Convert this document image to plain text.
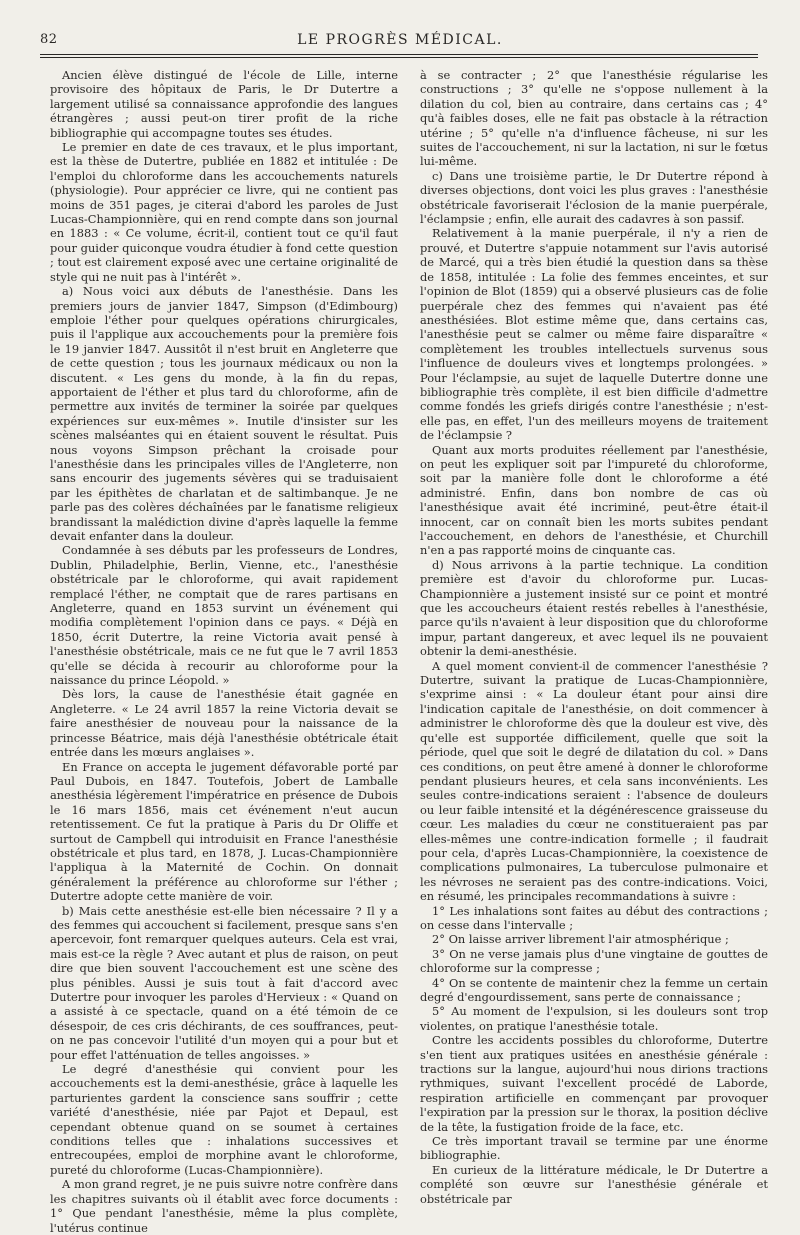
82	LE PROGRÈS MÉDICAL.

Ancien élève distingué de l'école de Lille, interne provisoire des hôpitaux de Paris, le Dr Dutertre a largement utilisé sa connaissance approfondie des langues étrangères ; aussi peut-on tirer profit de la riche bibliographie qui accompagne toutes ses études.

Le premier en date de ces travaux, et le plus important, est la thèse de Dutertre, publiée en 1882 et intitulée : De l'emploi du chloroforme dans les accouchements naturels (physiologie). Pour apprécier ce livre, qui ne contient pas moins de 351 pages, je citerai d'abord les paroles de Just Lucas-Championnière, qui en rend compte dans son journal en 1883 : « Ce volume, écrit-il, contient tout ce qu'il faut pour guider quiconque voudra étudier à fond cette question ; tout est clairement exposé avec une certaine originalité de style qui ne nuit pas à l'intérêt ».

a) Nous voici aux débuts de l'anesthésie. Dans les premiers jours de janvier 1847, Simpson (d'Edimbourg) emploie l'éther pour quelques opérations chirurgicales, puis il l'applique aux accouchements pour la première fois le 19 janvier 1847. Aussitôt il n'est bruit en Angleterre que de cette question ; tous les journaux médicaux ou non la discutent. « Les gens du monde, à la fin du repas, apportaient de l'éther et plus tard du chloroforme, afin de permettre aux invités de terminer la soirée par quelques expériences sur eux-mêmes ». Inutile d'insister sur les scènes malséantes qui en étaient souvent le résultat. Puis nous voyons Simpson prêchant la croisade pour l'anesthésie dans les principales villes de l'Angleterre, non sans encourir des jugements sévères qui se traduisaient par les épithètes de charlatan et de saltimbanque. Je ne parle pas des colères déchaînées par le fanatisme religieux brandissant la malédiction divine d'après laquelle la femme devait enfanter dans la douleur.

Condamnée à ses débuts par les professeurs de Londres, Dublin, Philadelphie, Berlin, Vienne, etc., l'anesthésie obstétricale par le chloroforme, qui avait rapidement remplacé l'éther, ne comptait que de rares partisans en Angleterre, quand en 1853 survint un événement qui modifia complètement l'opinion dans ce pays. « Déjà en 1850, écrit Dutertre, la reine Victoria avait pensé à l'anesthésie obstétricale, mais ce ne fut que le 7 avril 1853 qu'elle se décida à recourir au chloroforme pour la naissance du prince Léopold. »

Dès lors, la cause de l'anesthésie était gagnée en Angleterre. « Le 24 avril 1857 la reine Victoria devait se faire anesthésier de nouveau pour la naissance de la princesse Béatrice, mais déjà l'anesthésie obtétricale était entrée dans les mœurs anglaises ».

En France on accepta le jugement défavorable porté par Paul Dubois, en 1847. Toutefois, Jobert de Lamballe anesthésia légèrement l'impératrice en présence de Dubois le 16 mars 1856, mais cet événement n'eut aucun retentissement. Ce fut la pratique à Paris du Dr Oliffe et surtout de Campbell qui introduisit en France l'anesthésie obstétricale et plus tard, en 1878, J. Lucas-Championnière l'appliqua à la Maternité de Cochin. On donnait généralement la préférence au chloroforme sur l'éther ; Dutertre adopte cette manière de voir.

b) Mais cette anesthésie est-elle bien nécessaire ? Il y a des femmes qui accouchent si facilement, presque sans s'en apercevoir, font remarquer quelques auteurs. Cela est vrai, mais est-ce la règle ? Avec autant et plus de raison, on peut dire que bien souvent l'accouchement est une scène des plus pénibles. Aussi je suis tout à fait d'accord avec Dutertre pour invoquer les paroles d'Hervieux : « Quand on a assisté à ce spectacle, quand on a été témoin de ce désespoir, de ces cris déchirants, de ces souffrances, peut-on ne pas concevoir l'utilité d'un moyen qui a pour but et pour effet l'atténuation de telles angoisses. »

Le degré d'anesthésie qui convient pour les accouchements est la demi-anesthésie, grâce à laquelle les parturientes gardent la conscience sans souffrir ; cette variété d'anesthésie, niée par Pajot et Depaul, est cependant obtenue quand on se soumet à certaines conditions telles que : inhalations successives et entrecoupées, emploi de morphine avant le chloroforme, pureté du chloroforme (Lucas-Championnière).

A mon grand regret, je ne puis suivre notre confrère dans les chapitres suivants où il établit avec force documents : 1° Que pendant l'anesthésie, même la plus complète, l'utérus continue

à se contracter ; 2° que l'anesthésie régularise les constructions ; 3° qu'elle ne s'oppose nullement à la dilation du col, bien au contraire, dans certains cas ; 4° qu'à faibles doses, elle ne fait pas obstacle à la rétraction utérine ; 5° qu'elle n'a d'influence fâcheuse, ni sur les suites de l'accouchement, ni sur la lactation, ni sur le fœtus lui-même.

c) Dans une troisième partie, le Dr Dutertre répond à diverses objections, dont voici les plus graves : l'anesthésie obstétricale favoriserait l'éclosion de la manie puerpérale, l'éclampsie ; enfin, elle aurait des cadavres à son passif.

Relativement à la manie puerpérale, il n'y a rien de prouvé, et Dutertre s'appuie notamment sur l'avis autorisé de Marcé, qui a très bien étudié la question dans sa thèse de 1858, intitulée : La folie des femmes enceintes, et sur l'opinion de Blot (1859) qui a observé plusieurs cas de folie puerpérale chez des femmes qui n'avaient pas été anesthésiées. Blot estime même que, dans certains cas, l'anesthésie peut se calmer ou même faire disparaître « complètement les troubles intellectuels survenus sous l'influence de douleurs vives et longtemps prolongées. » Pour l'éclampsie, au sujet de laquelle Dutertre donne une bibliographie très complète, il est bien difficile d'admettre comme fondés les griefs dirigés contre l'anesthésie ; n'est-elle pas, en effet, l'un des meilleurs moyens de traitement de l'éclampsie ?

Quant aux morts produites réellement par l'anesthésie, on peut les expliquer soit par l'impureté du chloroforme, soit par la manière folle dont le chloroforme a été administré. Enfin, dans bon nombre de cas où l'anesthésique avait été incriminé, peut-être était-il innocent, car on connaît bien les morts subites pendant l'accouchement, en dehors de l'anesthésie, et Churchill n'en a pas rapporté moins de cinquante cas.

d) Nous arrivons à la partie technique. La condition première est d'avoir du chloroforme pur. Lucas-Championnière a justement insisté sur ce point et montré que les accoucheurs étaient restés rebelles à l'anesthésie, parce qu'ils n'avaient à leur disposition que du chloroforme impur, partant dangereux, et avec lequel ils ne pouvaient obtenir la demi-anesthésie.

A quel moment convient-il de commencer l'anesthésie ? Dutertre, suivant la pratique de Lucas-Championnière, s'exprime ainsi : « La douleur étant pour ainsi dire l'indication capitale de l'anesthésie, on doit commencer à administrer le chloroforme dès que la douleur est vive, dès qu'elle est supportée difficilement, quelle que soit la période, quel que soit le degré de dilatation du col. » Dans ces conditions, on peut être amené à donner le chloroforme pendant plusieurs heures, et cela sans inconvénients. Les seules contre-indications seraient : l'absence de douleurs ou leur faible intensité et la dégénérescence graisseuse du cœur. Les maladies du cœur ne constitueraient pas par elles-mêmes une contre-indication formelle ; il faudrait pour cela, d'après Lucas-Championnière, la coexistence de complications pulmonaires, La tuberculose pulmonaire et les névroses ne seraient pas des contre-indications. Voici, en résumé, les principales recommandations à suivre :

1° Les inhalations sont faites au début des contractions ; on cesse dans l'intervalle ;

2° On laisse arriver librement l'air atmosphérique ;

3° On ne verse jamais plus d'une vingtaine de gouttes de chloroforme sur la compresse ;

4° On se contente de maintenir chez la femme un certain degré d'engourdissement, sans perte de connaissance ;

5° Au moment de l'expulsion, si les douleurs sont trop violentes, on pratique l'anesthésie totale.

Contre les accidents possibles du chloroforme, Dutertre s'en tient aux pratiques usitées en anesthésie générale : tractions sur la langue, aujourd'hui nous dirions tractions rythmiques, suivant l'excellent procédé de Laborde, respiration artificielle en commençant par provoquer l'expiration par la pression sur le thorax, la position déclive de la tête, la fustigation froide de la face, etc.

Ce très important travail se termine par une énorme bibliographie.

En curieux de la littérature médicale, le Dr Dutertre a complété son œuvre sur l'anesthésie générale et obstétricale par
